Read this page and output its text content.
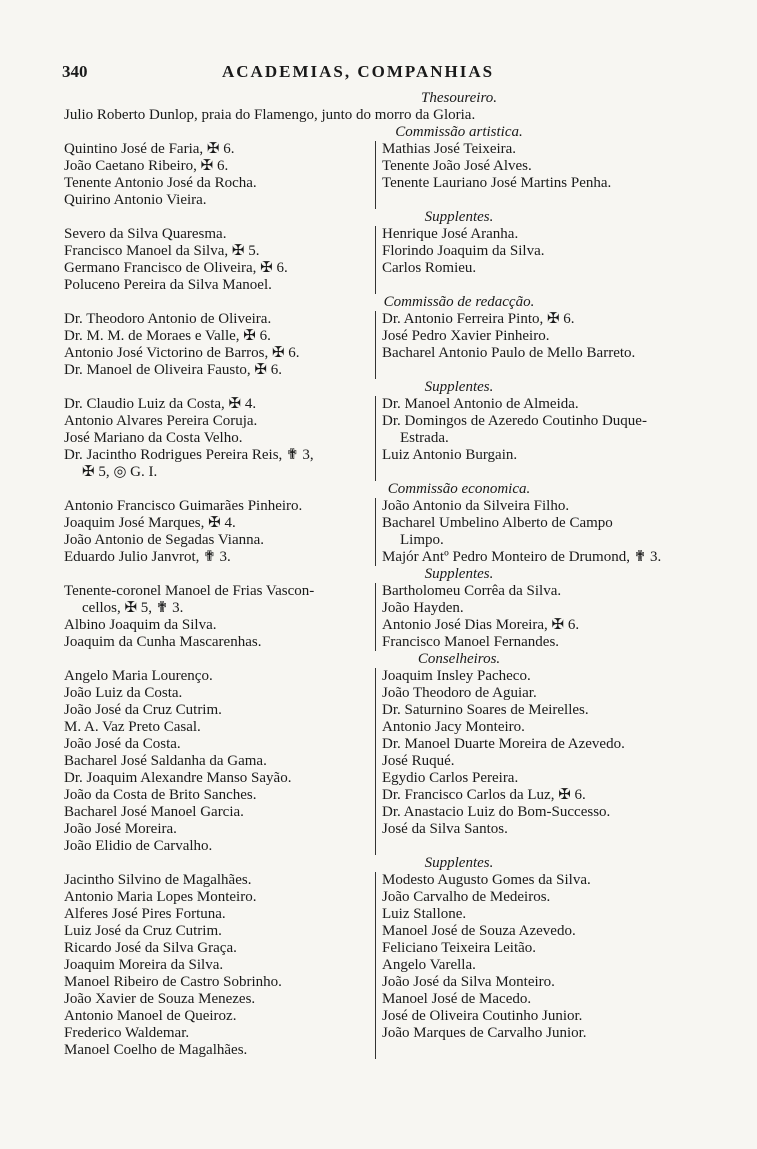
340	ACADEMIAS, COMPANHIAS
Thesoureiro.
Julio Roberto Dunlop, praia do Flamengo, junto do morro da Gloria.
Commissão artistica.
Quintino José de Faria, ✠ 6.
João Caetano Ribeiro, ✠ 6.
Tenente Antonio José da Rocha.
Quirino Antonio Vieira.
Mathias José Teixeira.
Tenente João José Alves.
Tenente Lauriano José Martins Penha.
Supplentes.
Severo da Silva Quaresma.
Francisco Manoel da Silva, ✠ 5.
Germano Francisco de Oliveira, ✠ 6.
Poluceno Pereira da Silva Manoel.
Henrique José Aranha.
Florindo Joaquim da Silva.
Carlos Romieu.
Commissão de redacção.
Dr. Theodoro Antonio de Oliveira.
Dr. M. M. de Moraes e Valle, ✠ 6.
Antonio José Victorino de Barros, ✠ 6.
Dr. Manoel de Oliveira Fausto, ✠ 6.
Dr. Antonio Ferreira Pinto, ✠ 6.
José Pedro Xavier Pinheiro.
Bacharel Antonio Paulo de Mello Barreto.
Supplentes.
Dr. Claudio Luiz da Costa, ✠ 4.
Antonio Alvares Pereira Coruja.
José Mariano da Costa Velho.
Dr. Jacintho Rodrigues Pereira Reis, ✟ 3,
✠ 5, ◎ G. I.
Dr. Manoel Antonio de Almeida.
Dr. Domingos de Azeredo Coutinho Duque-
Estrada.
Luiz Antonio Burgain.
Commissão economica.
Antonio Francisco Guimarães Pinheiro.
Joaquim José Marques, ✠ 4.
João Antonio de Segadas Vianna.
Eduardo Julio Janvrot, ✟ 3.
João Antonio da Silveira Filho.
Bacharel Umbelino Alberto de Campo
Limpo.
Majór Antº Pedro Monteiro de Drumond, ✟ 3.
Supplentes.
Tenente-coronel Manoel de Frias Vascon-
cellos, ✠ 5, ✟ 3.
Albino Joaquim da Silva.
Joaquim da Cunha Mascarenhas.
Bartholomeu Corrêa da Silva.
João Hayden.
Antonio José Dias Moreira, ✠ 6.
Francisco Manoel Fernandes.
Conselheiros.
Angelo Maria Lourenço.
João Luiz da Costa.
João José da Cruz Cutrim.
M. A. Vaz Preto Casal.
João José da Costa.
Bacharel José Saldanha da Gama.
Dr. Joaquim Alexandre Manso Sayão.
João da Costa de Brito Sanches.
Bacharel José Manoel Garcia.
João José Moreira.
João Elidio de Carvalho.
Joaquim Insley Pacheco.
João Theodoro de Aguiar.
Dr. Saturnino Soares de Meirelles.
Antonio Jacy Monteiro.
Dr. Manoel Duarte Moreira de Azevedo.
José Ruqué.
Egydio Carlos Pereira.
Dr. Francisco Carlos da Luz, ✠ 6.
Dr. Anastacio Luiz do Bom-Successo.
José da Silva Santos.
Supplentes.
Jacintho Silvino de Magalhães.
Antonio Maria Lopes Monteiro.
Alferes José Pires Fortuna.
Luiz José da Cruz Cutrim.
Ricardo José da Silva Graça.
Joaquim Moreira da Silva.
Manoel Ribeiro de Castro Sobrinho.
João Xavier de Souza Menezes.
Antonio Manoel de Queiroz.
Frederico Waldemar.
Manoel Coelho de Magalhães.
Modesto Augusto Gomes da Silva.
João Carvalho de Medeiros.
Luiz Stallone.
Manoel José de Souza Azevedo.
Feliciano Teixeira Leitão.
Angelo Varella.
João José da Silva Monteiro.
Manoel José de Macedo.
José de Oliveira Coutinho Junior.
João Marques de Carvalho Junior.
